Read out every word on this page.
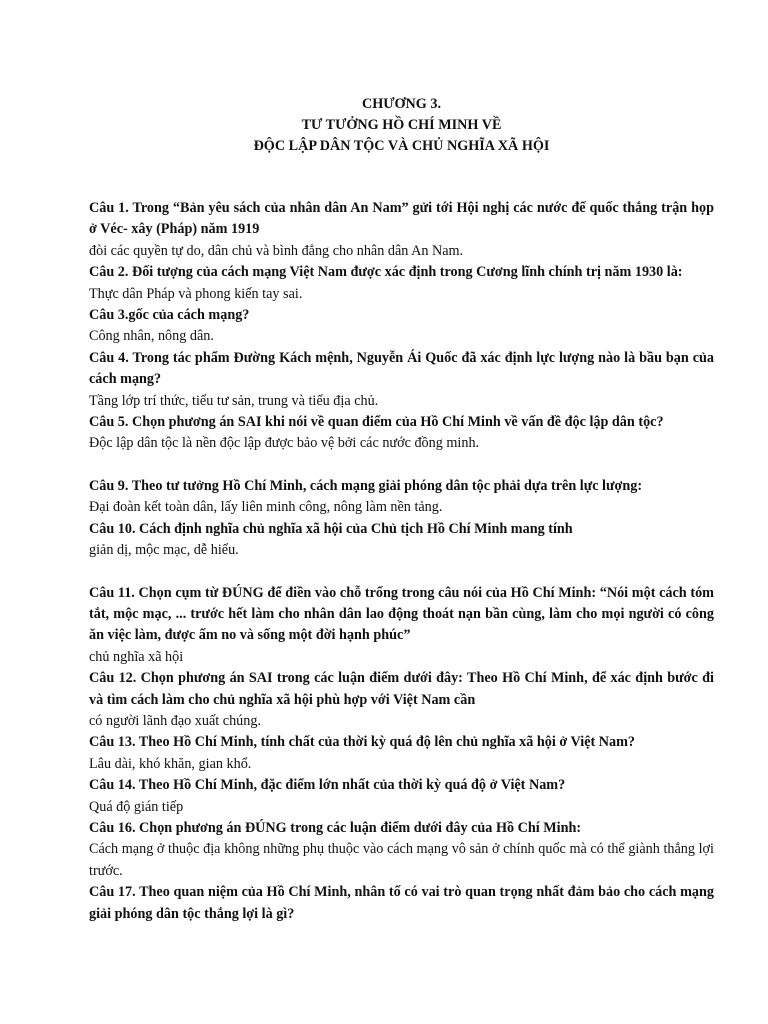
CHƯƠNG 3.
TƯ TƯỞNG HỒ CHÍ MINH VỀ
ĐỘC LẬP DÂN TỘC VÀ CHỦ NGHĨA XÃ HỘI

Câu 1. Trong “Bản yêu sách của nhân dân An Nam” gửi tới Hội nghị các nước đế quốc thắng trận họp ở Véc- xây (Pháp) năm 1919

đòi các quyền tự do, dân chủ và bình đẳng cho nhân dân An Nam.

Câu 2. Đối tượng của cách mạng Việt Nam được xác định trong Cương lĩnh chính trị năm 1930 là:

Thực dân Pháp và phong kiến tay sai.

Câu 3.gốc của cách mạng?

Công nhân, nông dân.

Câu 4. Trong tác phẩm Đường Kách mệnh, Nguyễn Ái Quốc đã xác định lực lượng nào là bầu bạn của cách mạng?

Tầng lớp trí thức, tiểu tư sản, trung và tiểu địa chủ.

Câu 5. Chọn phương án SAI khi nói về quan điểm của Hồ Chí Minh về vấn đề độc lập dân tộc?

Độc lập dân tộc là nền độc lập được bảo vệ bởi các nước đồng minh.

Câu 9. Theo tư tưởng Hồ Chí Minh, cách mạng giải phóng dân tộc phải dựa trên lực lượng:

Đại đoàn kết toàn dân, lấy liên minh công, nông làm nền tảng.

Câu 10. Cách định nghĩa chủ nghĩa xã hội của Chủ tịch Hồ Chí Minh mang tính

giản dị, mộc mạc, dễ hiểu.

Câu 11. Chọn cụm từ ĐÚNG để điền vào chỗ trống trong câu nói của Hồ Chí Minh: “Nói một cách tóm tắt, mộc mạc, ... trước hết làm cho nhân dân lao động thoát nạn bần cùng, làm cho mọi người có công ăn việc làm, được ấm no và sống một đời hạnh phúc”

chủ nghĩa xã hội

Câu 12. Chọn phương án SAI trong các luận điểm dưới đây: Theo Hồ Chí Minh, để xác định bước đi và tìm cách làm cho chủ nghĩa xã hội phù hợp với Việt Nam cần

có người lãnh đạo xuất chúng.

Câu 13. Theo Hồ Chí Minh, tính chất của thời kỳ quá độ lên chủ nghĩa xã hội ở Việt Nam?

Lâu dài, khó khăn, gian khổ.

Câu 14. Theo Hồ Chí Minh, đặc điểm lớn nhất của thời kỳ quá độ ở Việt Nam?

Quá độ gián tiếp

Câu 16. Chọn phương án ĐÚNG trong các luận điểm dưới đây của Hồ Chí Minh:

Cách mạng ở thuộc địa không những phụ thuộc vào cách mạng vô sản ở chính quốc mà có thể giành thắng lợi trước.

Câu 17. Theo quan niệm của Hồ Chí Minh, nhân tố có vai trò quan trọng nhất đảm bảo cho cách mạng giải phóng dân tộc thắng lợi là gì?
